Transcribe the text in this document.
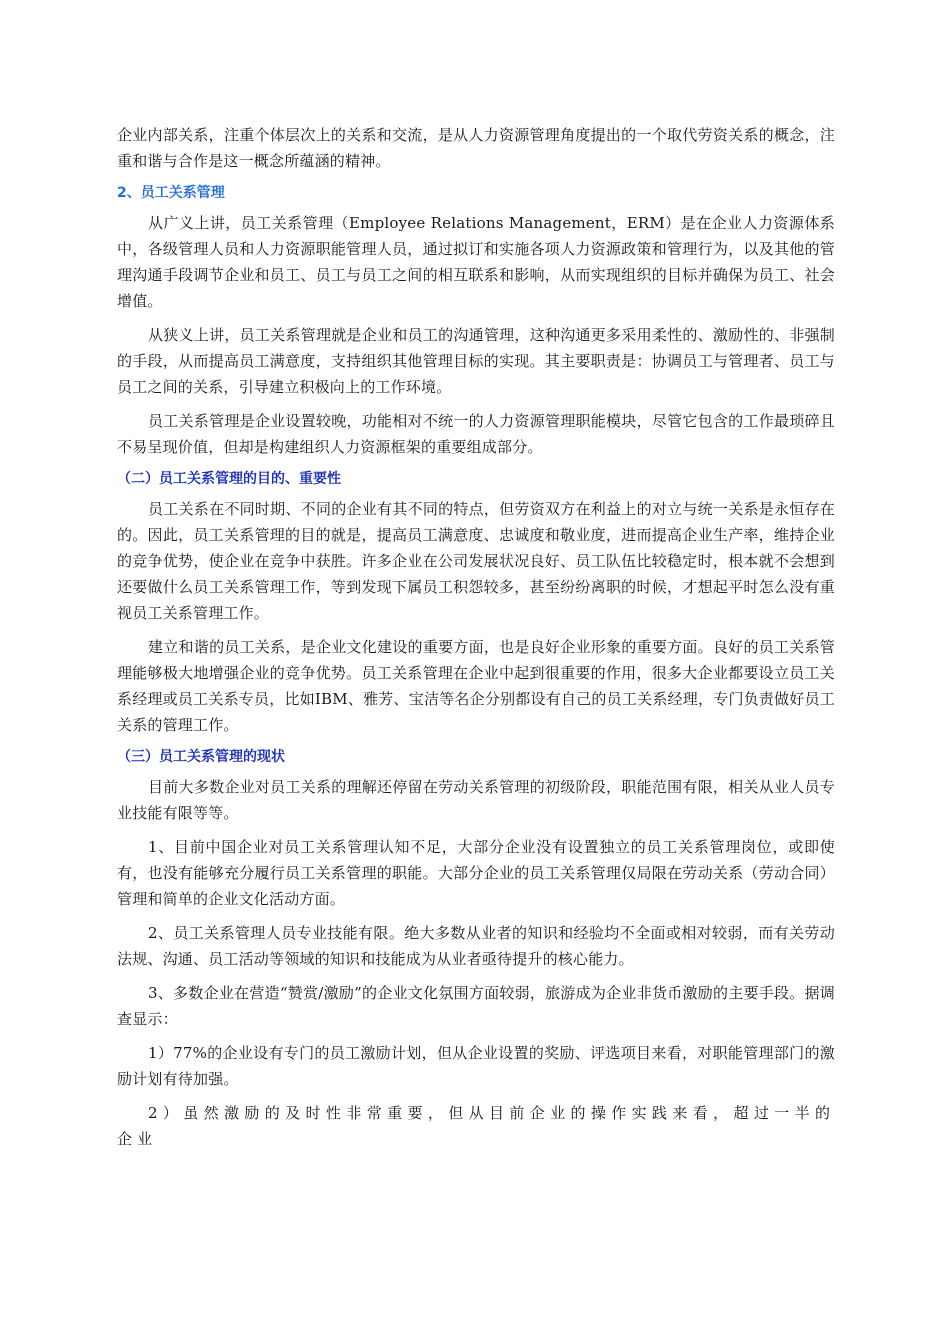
企业内部关系，注重个体层次上的关系和交流，是从人力资源管理角度提出的一个取代劳资关系的概念，注重和谐与合作是这一概念所蕴涵的精神。

2、员工关系管理

从广义上讲，员工关系管理（Employee Relations Management，ERM）是在企业人力资源体系中，各级管理人员和人力资源职能管理人员，通过拟订和实施各项人力资源政策和管理行为，以及其他的管理沟通手段调节企业和员工、员工与员工之间的相互联系和影响，从而实现组织的目标并确保为员工、社会增值。

从狭义上讲，员工关系管理就是企业和员工的沟通管理，这种沟通更多采用柔性的、激励性的、非强制的手段，从而提高员工满意度，支持组织其他管理目标的实现。其主要职责是：协调员工与管理者、员工与员工之间的关系，引导建立积极向上的工作环境。

员工关系管理是企业设置较晚，功能相对不统一的人力资源管理职能模块，尽管它包含的工作最琐碎且不易呈现价值，但却是构建组织人力资源框架的重要组成部分。

（二）员工关系管理的目的、重要性

员工关系在不同时期、不同的企业有其不同的特点，但劳资双方在利益上的对立与统一关系是永恒存在的。因此，员工关系管理的目的就是，提高员工满意度、忠诚度和敬业度，进而提高企业生产率，维持企业的竞争优势，使企业在竞争中获胜。许多企业在公司发展状况良好、员工队伍比较稳定时，根本就不会想到还要做什么员工关系管理工作，等到发现下属员工积怨较多，甚至纷纷离职的时候，才想起平时怎么没有重视员工关系管理工作。

建立和谐的员工关系，是企业文化建设的重要方面，也是良好企业形象的重要方面。良好的员工关系管理能够极大地增强企业的竞争优势。员工关系管理在企业中起到很重要的作用，很多大企业都要设立员工关系经理或员工关系专员，比如IBM、雅芳、宝洁等名企分别都设有自己的员工关系经理，专门负责做好员工关系的管理工作。

（三）员工关系管理的现状

目前大多数企业对员工关系的理解还停留在劳动关系管理的初级阶段，职能范围有限，相关从业人员专业技能有限等等。

1、目前中国企业对员工关系管理认知不足，大部分企业没有设置独立的员工关系管理岗位，或即使有，也没有能够充分履行员工关系管理的职能。大部分企业的员工关系管理仅局限在劳动关系（劳动合同）管理和简单的企业文化活动方面。

2、员工关系管理人员专业技能有限。绝大多数从业者的知识和经验均不全面或相对较弱，而有关劳动法规、沟通、员工活动等领域的知识和技能成为从业者亟待提升的核心能力。

3、多数企业在营造“赞赏/激励”的企业文化氛围方面较弱，旅游成为企业非货币激励的主要手段。据调查显示：

1）77%的企业设有专门的员工激励计划，但从企业设置的奖励、评选项目来看，对职能管理部门的激励计划有待加强。

2）虽然激励的及时性非常重要，但从目前企业的操作实践来看，超过一半的企业
